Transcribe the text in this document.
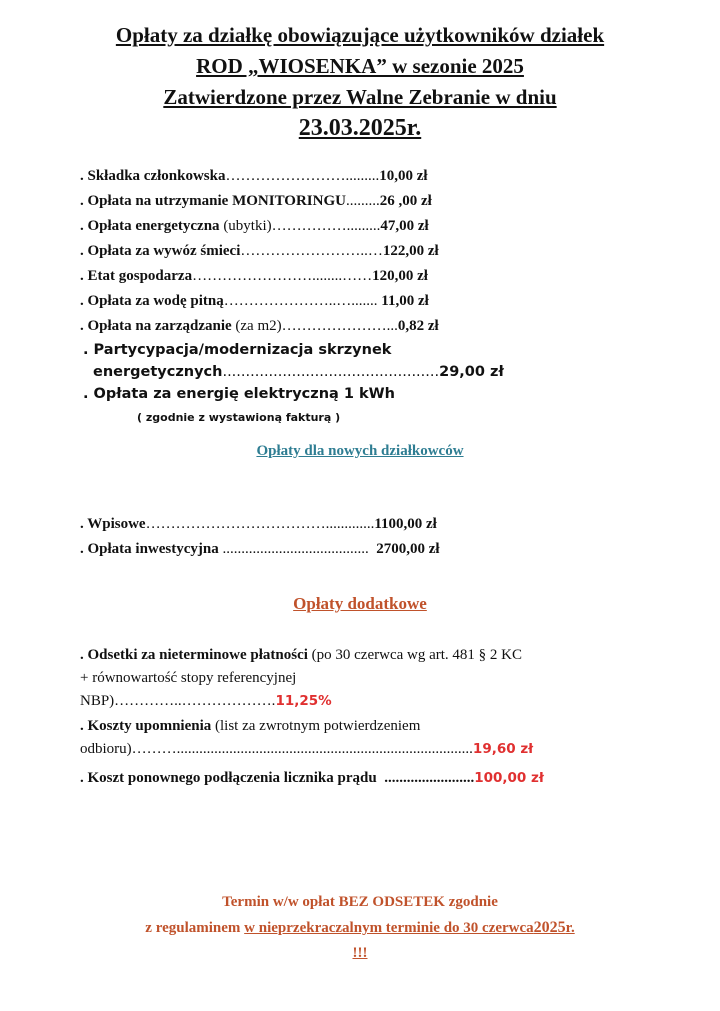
Opłaty za działkę obowiązujące użytkowników działek
ROD „WIOSENKA” w sezonie 2025
Zatwierdzone przez Walne Zebranie w dniu
23.03.2025r.
. Składka członkowska…………………….........10,00 zł
. Opłata na utrzymanie MONITORINGU.........26 ,00 zł
. Opłata energetyczna (ubytki)…………….........47,00 zł
. Opłata za wywóz śmieci……………………..…122,00 zł
. Etat gospodarza……………………........……120,00 zł
. Opłata za wodę pitną…………………..…....... 11,00 zł
. Opłata na zarządzanie (za m2)…………………...0,82 zł
. Partycypacja/modernizacja skrzynek
energetycznych...............................................29,00 zł
. Opłata za energię elektryczną 1 kWh
( zgodnie z wystawioną fakturą )
Opłaty dla nowych działkowców
. Wpisowe……………………………….............1100,00 zł
. Opłata inwestycyjna .......................................  2700,00 zł
Opłaty dodatkowe
. Odsetki za nieterminowe płatności (po 30 czerwca wg art. 481 § 2 KC
+ równowartość stopy referencyjnej
NBP)…………..……………….11,25%
. Koszty upomnienia (list za zwrotnym potwierdzeniem
odbioru)………...............................................................................19,60 zł
. Koszt ponownego podłączenia licznika prądu  ........................100,00 zł
Termin w/w opłat BEZ ODSETEK zgodnie
z regulaminem w nieprzekraczalnym terminie do 30 czerwca2025r.
!!!
